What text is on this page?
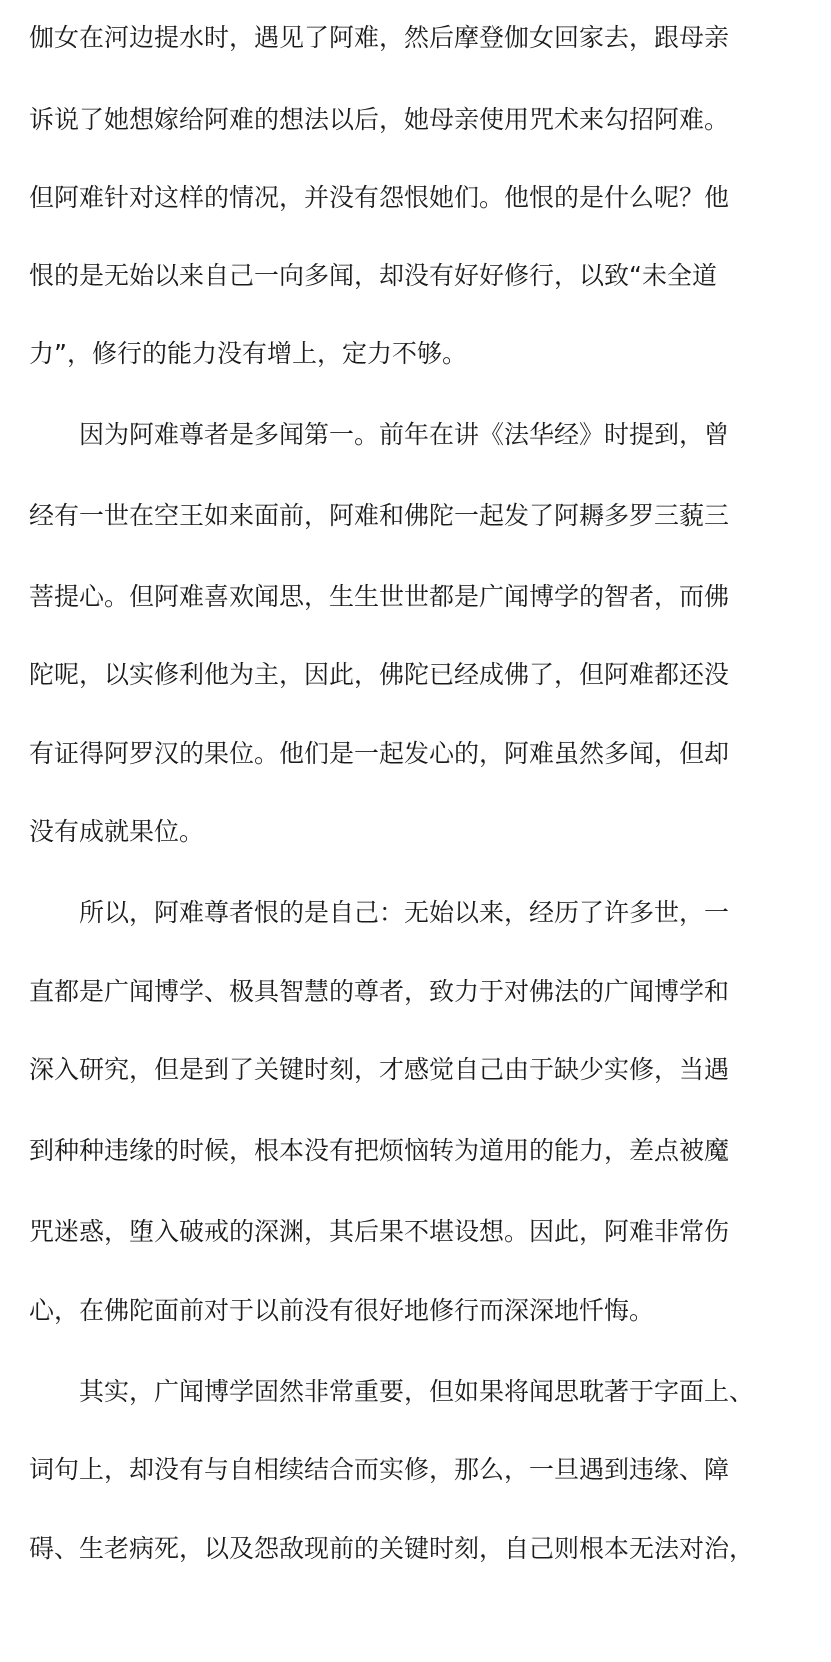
伽女在河边提水时，遇见了阿难，然后摩登伽女回家去，跟母亲
诉说了她想嫁给阿难的想法以后，她母亲使用咒术来勾招阿难。
但阿难针对这样的情况，并没有怨恨她们。他恨的是什么呢？他
恨的是无始以来自己一向多闻，却没有好好修行，以致“未全道
力”，修行的能力没有增上，定力不够。
　　因为阿难尊者是多闻第一。前年在讲《法华经》时提到，曾
经有一世在空王如来面前，阿难和佛陀一起发了阿耨多罗三藐三
菩提心。但阿难喜欢闻思，生生世世都是广闻博学的智者，而佛
陀呢，以实修利他为主，因此，佛陀已经成佛了，但阿难都还没
有证得阿罗汉的果位。他们是一起发心的，阿难虽然多闻，但却
没有成就果位。
　　所以，阿难尊者恨的是自己：无始以来，经历了许多世，一
直都是广闻博学、极具智慧的尊者，致力于对佛法的广闻博学和
深入研究，但是到了关键时刻，才感觉自己由于缺少实修，当遇
到种种违缘的时候，根本没有把烦恼转为道用的能力，差点被魔
咒迷惑，堕入破戒的深渊，其后果不堪设想。因此，阿难非常伤
心，在佛陀面前对于以前没有很好地修行而深深地忏悔。
　　其实，广闻博学固然非常重要，但如果将闻思耽著于字面上、
词句上，却没有与自相续结合而实修，那么，一旦遇到违缘、障
碍、生老病死，以及怨敌现前的关键时刻，自己则根本无法对治，
